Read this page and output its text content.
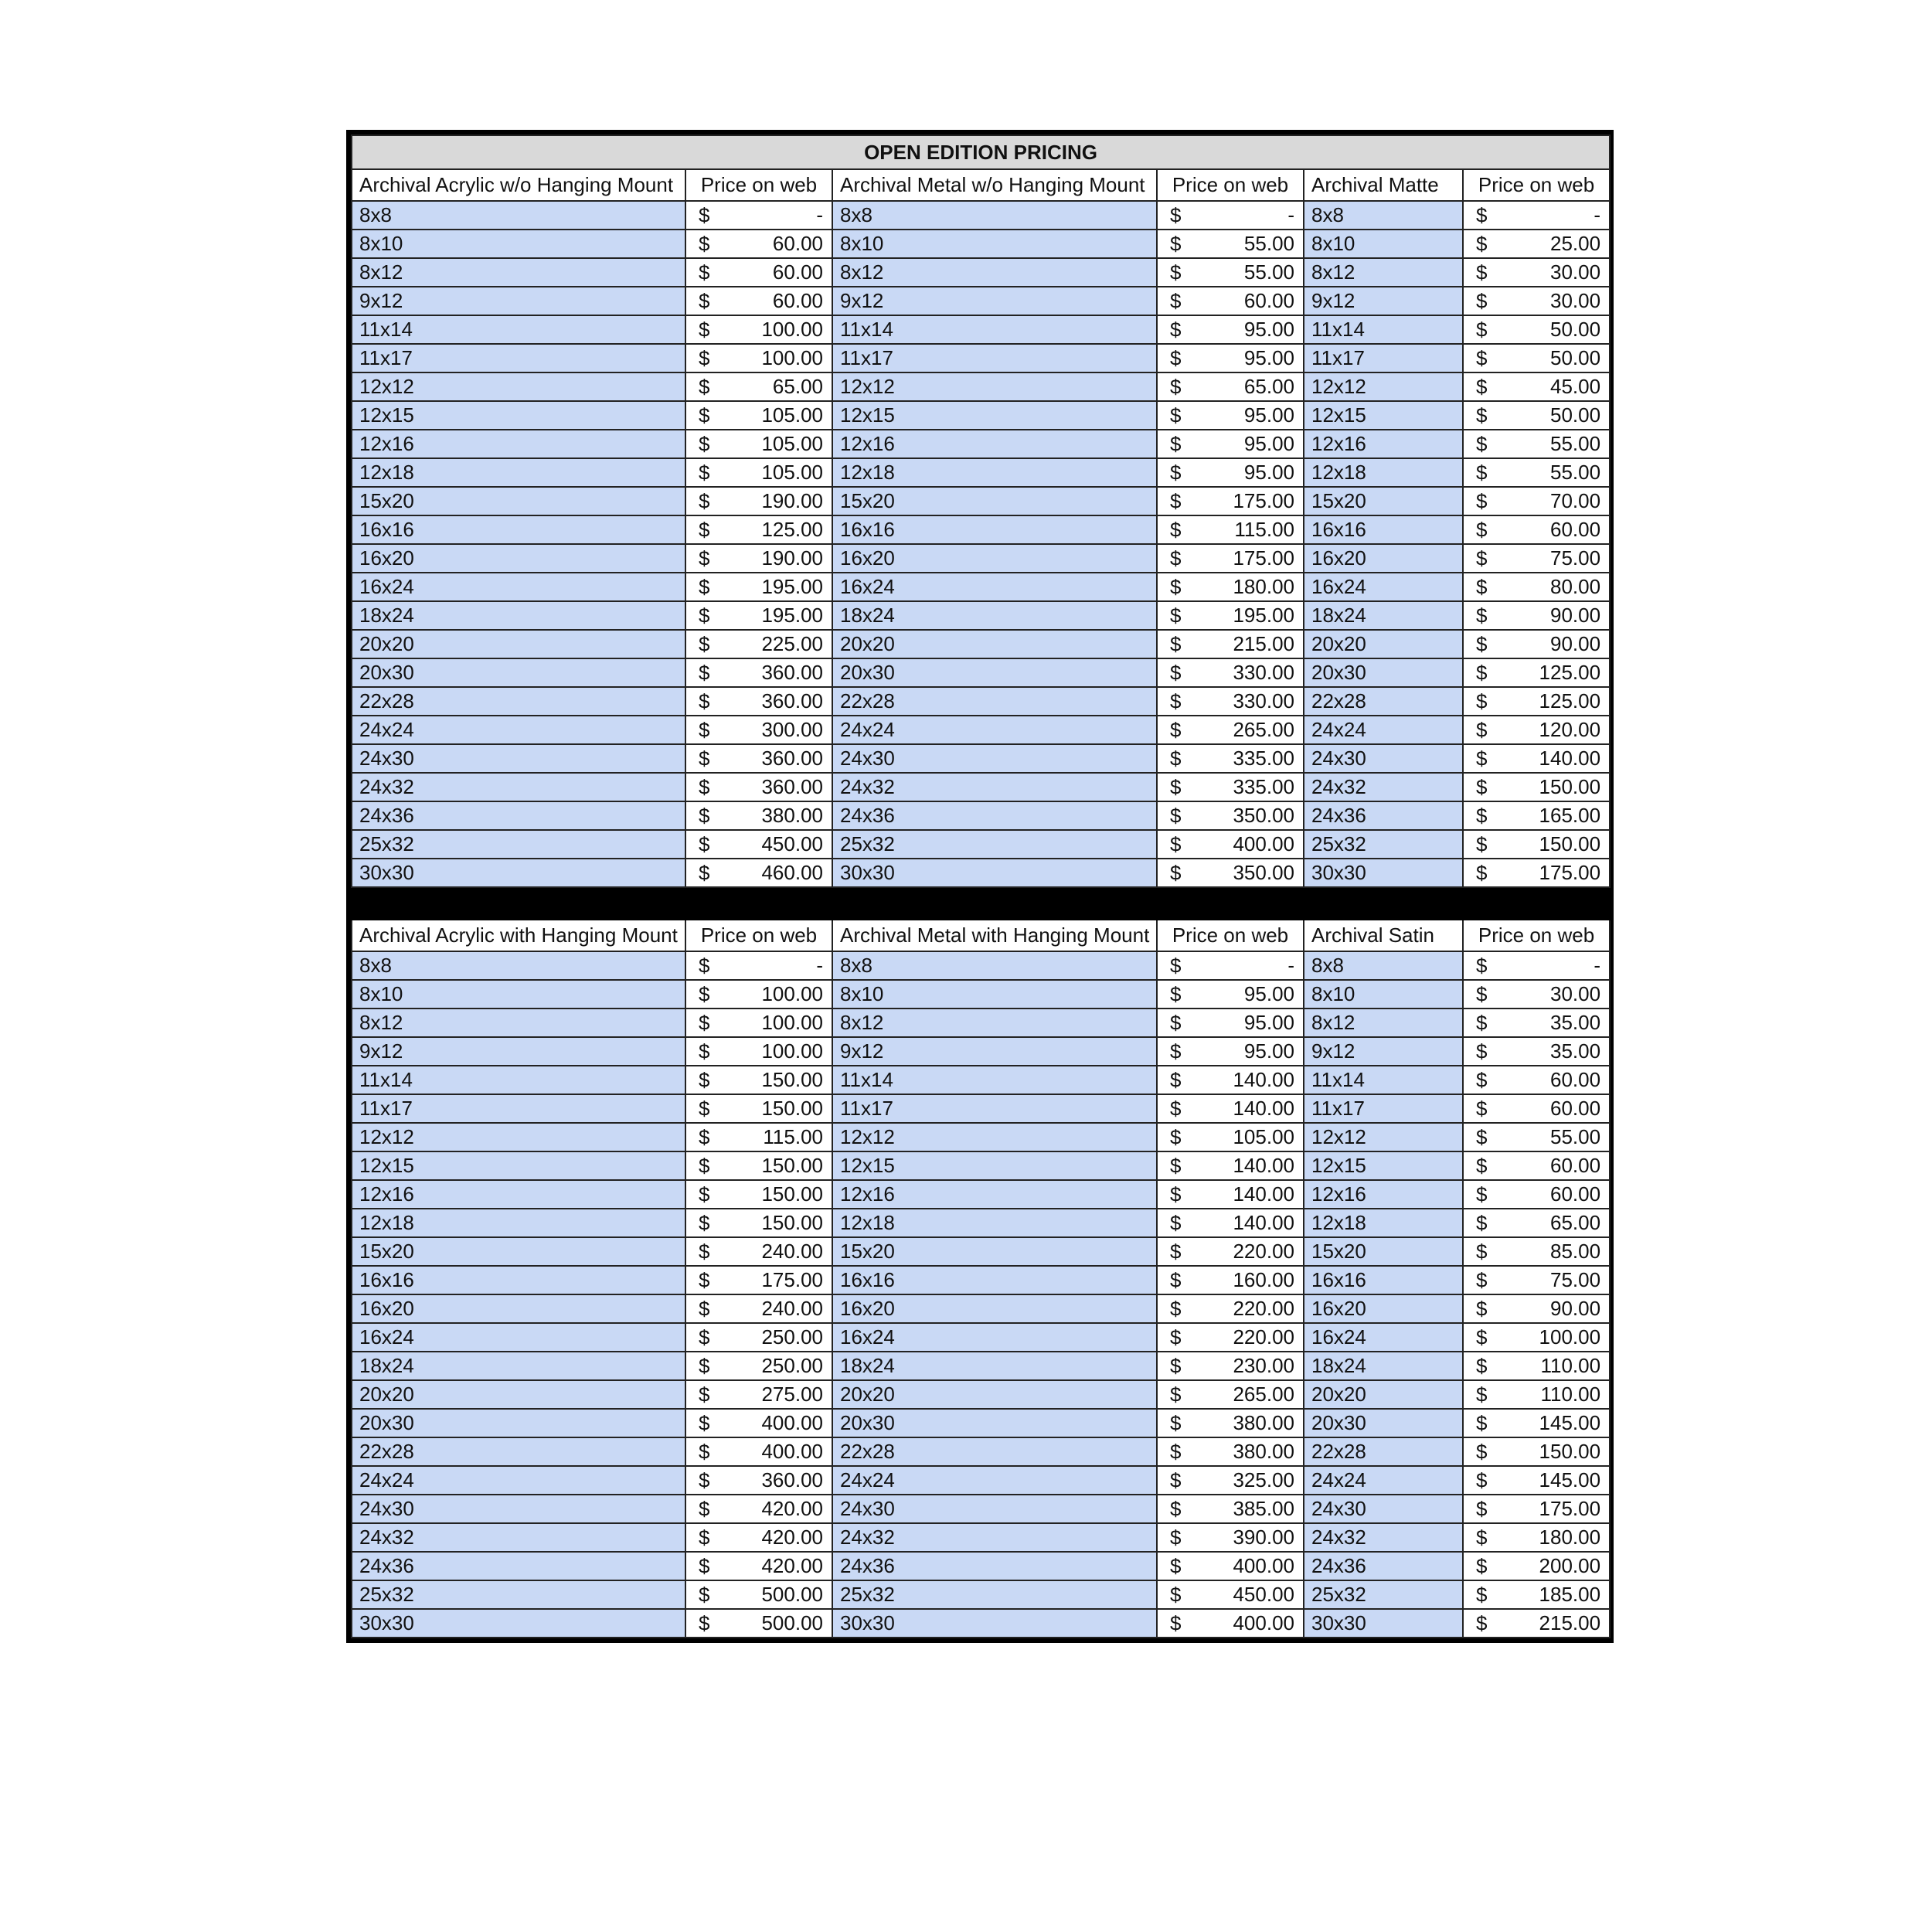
OPEN EDITION PRICING					
Archival Acrylic w/o Hanging Mount	Price on web	Archival Metal w/o Hanging Mount	Price on web	Archival Matte	Price on web
8x8	$ -	8x8	$ -	8x8	$ -

8x10	$ 60.00	8x10	$ 55.00	8x10	$ 25.00

8x12	$ 60.00	8x12	$ 55.00	8x12	$ 30.00

9x12	$ 60.00	9x12	$ 60.00	9x12	$ 30.00

11x14	$ 100.00	11x14	$ 95.00	11x14	$ 50.00

11x17	$ 100.00	11x17	$ 95.00	11x17	$ 50.00

12x12	$ 65.00	12x12	$ 65.00	12x12	$ 45.00

12x15	$ 105.00	12x15	$ 95.00	12x15	$ 50.00

12x16	$ 105.00	12x16	$ 95.00	12x16	$ 55.00

12x18	$ 105.00	12x18	$ 95.00	12x18	$ 55.00

15x20	$ 190.00	15x20	$ 175.00	15x20	$ 70.00

16x16	$ 125.00	16x16	$ 115.00	16x16	$ 60.00

16x20	$ 190.00	16x20	$ 175.00	16x20	$ 75.00

16x24	$ 195.00	16x24	$ 180.00	16x24	$ 80.00

18x24	$ 195.00	18x24	$ 195.00	18x24	$ 90.00

20x20	$ 225.00	20x20	$ 215.00	20x20	$ 90.00

20x30	$ 360.00	20x30	$ 330.00	20x30	$ 125.00

22x28	$ 360.00	22x28	$ 330.00	22x28	$ 125.00

24x24	$ 300.00	24x24	$ 265.00	24x24	$ 120.00

24x30	$ 360.00	24x30	$ 335.00	24x30	$ 140.00

24x32	$ 360.00	24x32	$ 335.00	24x32	$ 150.00

24x36	$ 380.00	24x36	$ 350.00	24x36	$ 165.00

25x32	$ 450.00	25x32	$ 400.00	25x32	$ 150.00

30x30	$ 460.00	30x30	$ 350.00	30x30	$ 175.00

Archival Acrylic with Hanging Mount	Price on web	Archival Metal with Hanging Mount	Price on web	Archival Satin	Price on web
8x8	$ -	8x8	$ -	8x8	$ -

8x10	$ 100.00	8x10	$ 95.00	8x10	$ 30.00

8x12	$ 100.00	8x12	$ 95.00	8x12	$ 35.00

9x12	$ 100.00	9x12	$ 95.00	9x12	$ 35.00

11x14	$ 150.00	11x14	$ 140.00	11x14	$ 60.00

11x17	$ 150.00	11x17	$ 140.00	11x17	$ 60.00

12x12	$ 115.00	12x12	$ 105.00	12x12	$ 55.00

12x15	$ 150.00	12x15	$ 140.00	12x15	$ 60.00

12x16	$ 150.00	12x16	$ 140.00	12x16	$ 60.00

12x18	$ 150.00	12x18	$ 140.00	12x18	$ 65.00

15x20	$ 240.00	15x20	$ 220.00	15x20	$ 85.00

16x16	$ 175.00	16x16	$ 160.00	16x16	$ 75.00

16x20	$ 240.00	16x20	$ 220.00	16x20	$ 90.00

16x24	$ 250.00	16x24	$ 220.00	16x24	$ 100.00

18x24	$ 250.00	18x24	$ 230.00	18x24	$ 110.00

20x20	$ 275.00	20x20	$ 265.00	20x20	$ 110.00

20x30	$ 400.00	20x30	$ 380.00	20x30	$ 145.00

22x28	$ 400.00	22x28	$ 380.00	22x28	$ 150.00

24x24	$ 360.00	24x24	$ 325.00	24x24	$ 145.00

24x30	$ 420.00	24x30	$ 385.00	24x30	$ 175.00

24x32	$ 420.00	24x32	$ 390.00	24x32	$ 180.00

24x36	$ 420.00	24x36	$ 400.00	24x36	$ 200.00

25x32	$ 500.00	25x32	$ 450.00	25x32	$ 185.00

30x30	$ 500.00	30x30	$ 400.00	30x30	$ 215.00
